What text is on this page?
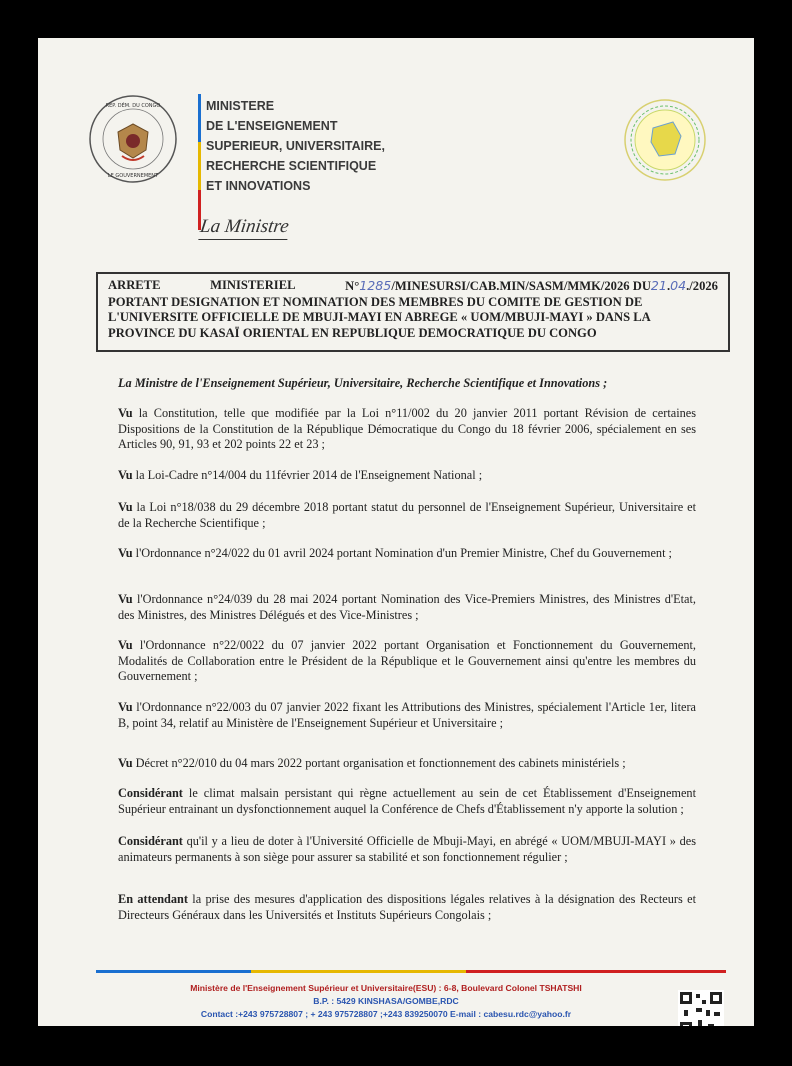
RÉP. DÉM. DU CONGO
LE GOUVERNEMENT
MINISTERE
DE L'ENSEIGNEMENT
SUPERIEUR, UNIVERSITAIRE,
RECHERCHE SCIENTIFIQUE
ET INNOVATIONS
La Ministre
ARRETE	MINISTERIEL	N°1285/MINESURSI/CAB.MIN/SASM/MMK/2026 DU21.04./2026
PORTANT DESIGNATION ET NOMINATION DES MEMBRES DU COMITE DE GESTION DE
L'UNIVERSITE OFFICIELLE DE MBUJI-MAYI EN ABREGE « UOM/MBUJI-MAYI » DANS LA
PROVINCE DU KASAÏ ORIENTAL EN REPUBLIQUE DEMOCRATIQUE DU CONGO
La Ministre de l'Enseignement Supérieur, Universitaire, Recherche Scientifique et Innovations ;
Vu la Constitution, telle que modifiée par la Loi n°11/002 du 20 janvier 2011 portant Révision de certaines Dispositions de la Constitution de la République Démocratique du Congo du 18 février 2006, spécialement en ses Articles 90, 91, 93 et 202 points 22 et 23 ;
Vu la Loi-Cadre n°14/004 du 11février 2014 de l'Enseignement National ;
Vu la Loi n°18/038 du 29 décembre 2018 portant statut du personnel de l'Enseignement Supérieur, Universitaire et de la Recherche Scientifique ;
Vu l'Ordonnance n°24/022 du 01 avril 2024 portant Nomination d'un Premier Ministre, Chef du Gouvernement ;
Vu l'Ordonnance n°24/039 du 28 mai 2024 portant Nomination des Vice-Premiers Ministres, des Ministres d'Etat, des Ministres, des Ministres Délégués et des Vice-Ministres ;
Vu l'Ordonnance n°22/0022 du 07 janvier 2022 portant Organisation et Fonctionnement du Gouvernement, Modalités de Collaboration entre le Président de la République et le Gouvernement ainsi qu'entre les membres du Gouvernement ;
Vu l'Ordonnance n°22/003 du 07 janvier 2022 fixant les Attributions des Ministres, spécialement l'Article 1er, litera B, point 34, relatif au Ministère de l'Enseignement Supérieur et Universitaire ;
Vu Décret n°22/010 du 04 mars 2022 portant organisation et fonctionnement des cabinets ministériels ;
Considérant le climat malsain persistant qui règne actuellement au sein de cet Établissement d'Enseignement Supérieur entrainant un dysfonctionnement auquel la Conférence de Chefs d'Établissement n'y apporte la solution ;
Considérant qu'il y a lieu de doter à l'Université Officielle de Mbuji-Mayi, en abrégé « UOM/MBUJI-MAYI » des animateurs permanents à son siège pour assurer sa stabilité et son fonctionnement régulier ;
En attendant la prise des mesures d'application des dispositions légales relatives à la désignation des Recteurs et Directeurs Généraux dans les Universités et Instituts Supérieurs Congolais ;
Ministère de l'Enseignement Supérieur et Universitaire(ESU) : 6-8, Boulevard Colonel TSHATSHI
B.P. : 5429 KINSHASA/GOMBE,RDC
Contact :+243 975728807 ; + 243 975728807 ;+243 839250070 E-mail : cabesu.rdc@yahoo.fr
